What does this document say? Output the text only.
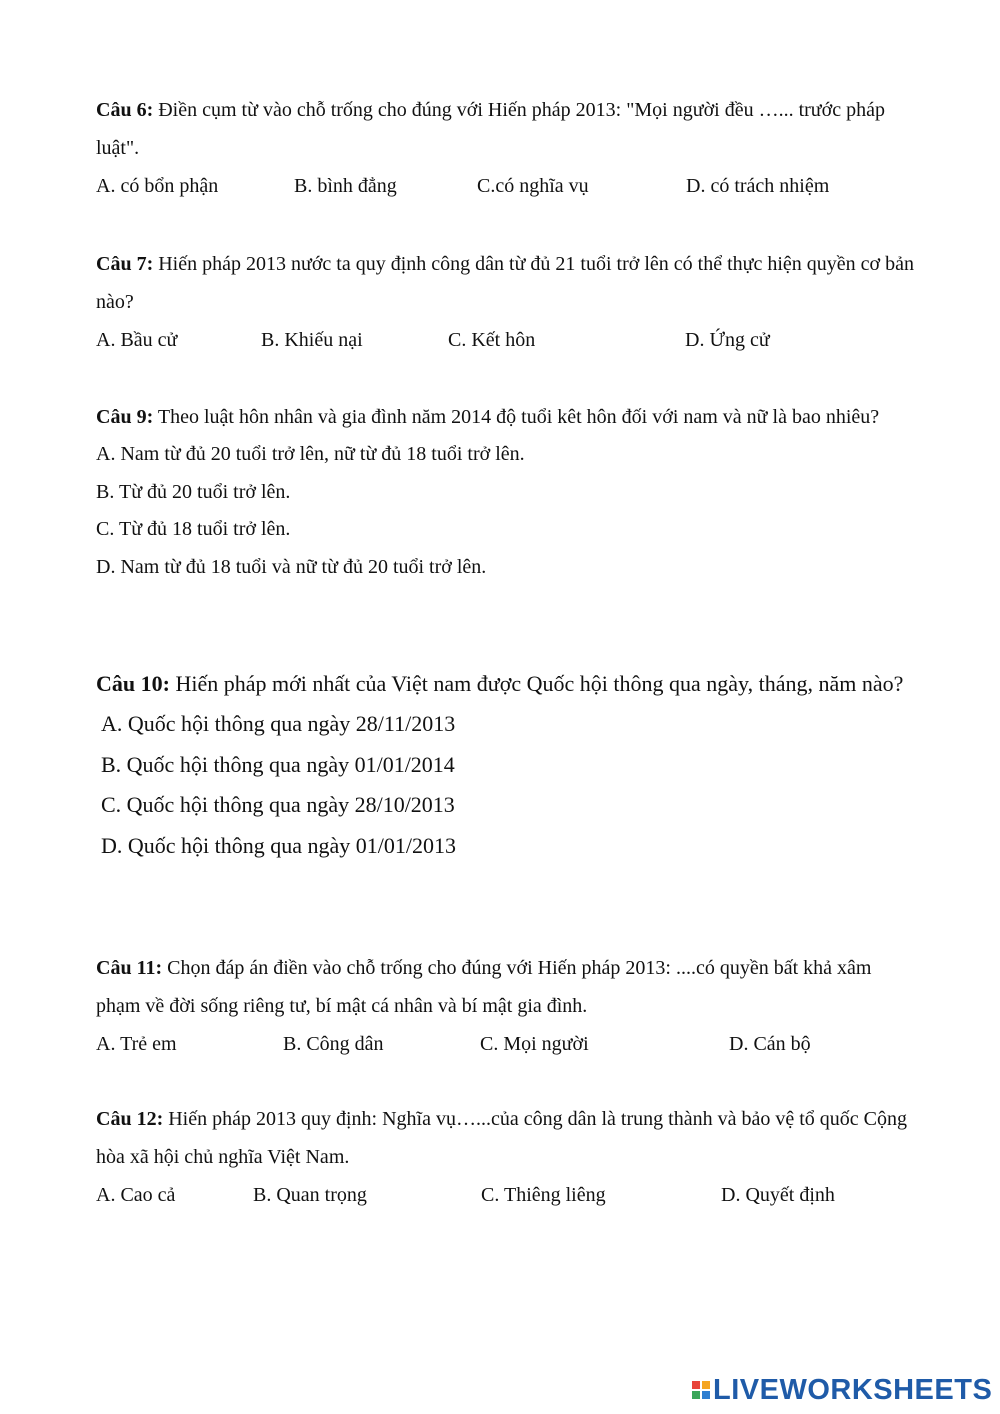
Câu 6: Điền cụm từ vào chỗ trống cho đúng với Hiến pháp 2013: "Mọi người đều …... trước pháp luật".

A. có bổn phận	B. bình đẳng	C.có nghĩa vụ	D. có trách nhiệm

Câu 7: Hiến pháp 2013 nước ta quy định công dân từ đủ 21 tuổi trở lên có thể thực hiện quyền cơ bản nào?

A. Bầu cử	B. Khiếu nại	C. Kết hôn	D. Ứng cử

Câu 9: Theo luật hôn nhân và gia đình năm 2014 độ tuổi kêt hôn đối với nam và nữ là bao nhiêu?

A. Nam từ đủ 20 tuổi trở lên, nữ từ đủ 18 tuổi trở lên.
B. Từ đủ 20 tuổi trở lên.
C. Từ đủ 18 tuổi trở lên.
D. Nam từ đủ 18 tuổi và nữ từ đủ 20 tuổi trở lên.

Câu 10: Hiến pháp mới nhất của Việt nam được Quốc hội thông qua ngày, tháng, năm nào?

A. Quốc hội thông qua ngày 28/11/2013
B. Quốc hội thông qua ngày 01/01/2014
C. Quốc hội thông qua ngày 28/10/2013
D. Quốc hội thông qua ngày 01/01/2013

Câu 11: Chọn đáp án điền vào chỗ trống cho đúng với Hiến pháp 2013: ....có quyền bất khả xâm phạm về đời sống riêng tư, bí mật cá nhân và bí mật gia đình.

A. Trẻ em	B. Công dân	C. Mọi người	D. Cán bộ

Câu 12: Hiến pháp 2013 quy định: Nghĩa vụ…...của công dân là trung thành và bảo vệ tổ quốc Cộng hòa xã hội chủ nghĩa Việt Nam.

A. Cao cả	B. Quan trọng	C. Thiêng liêng	D. Quyết định
LIVEWORKSHEETS
